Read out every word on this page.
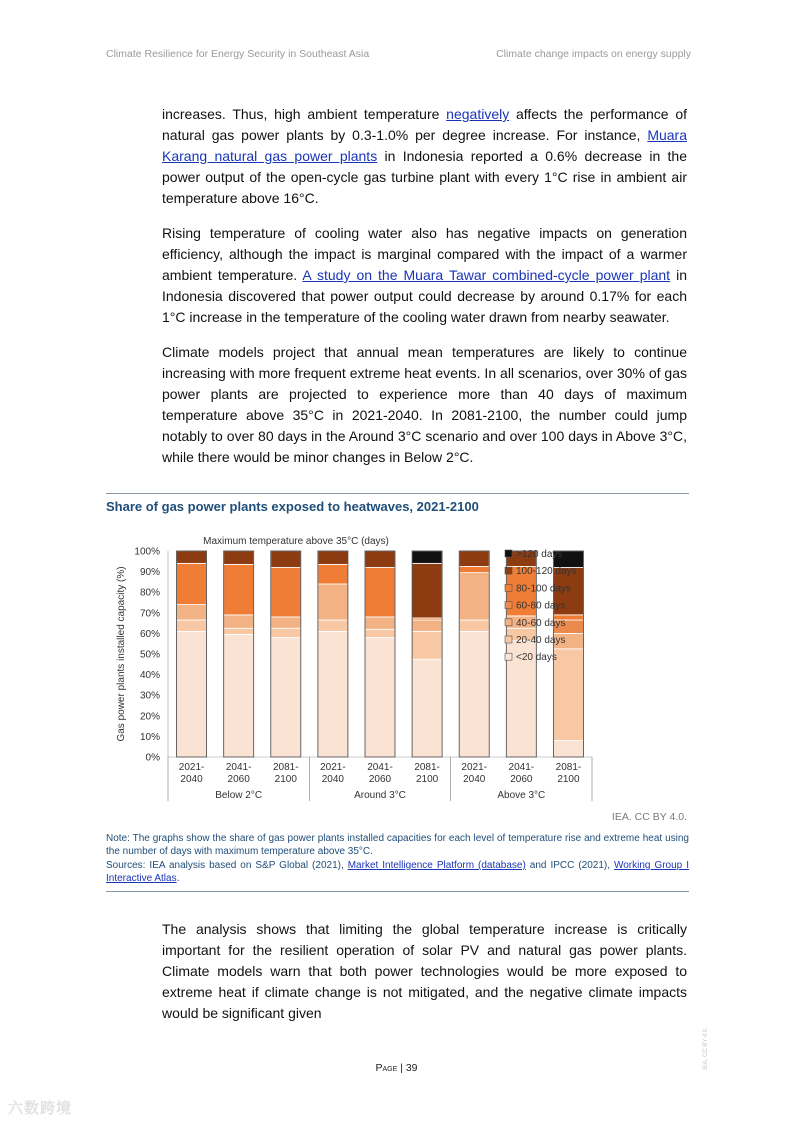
Climate Resilience for Energy Security in Southeast Asia	Climate change impacts on energy supply

increases. Thus, high ambient temperature negatively affects the performance of natural gas power plants by 0.3-1.0% per degree increase. For instance, Muara Karang natural gas power plants in Indonesia reported a 0.6% decrease in the power output of the open-cycle gas turbine plant with every 1°C rise in ambient air temperature above 16°C.

Rising temperature of cooling water also has negative impacts on generation efficiency, although the impact is marginal compared with the impact of a warmer ambient temperature. A study on the Muara Tawar combined-cycle power plant in Indonesia discovered that power output could decrease by around 0.17% for each 1°C increase in the temperature of the cooling water drawn from nearby seawater.

Climate models project that annual mean temperatures are likely to continue increasing with more frequent extreme heat events. In all scenarios, over 30% of gas power plants are projected to experience more than 40 days of maximum temperature above 35°C in 2021-2040. In 2081-2100, the number could jump notably to over 80 days in the Around 3°C scenario and over 100 days in Above 3°C, while there would be minor changes in Below 2°C.

Share of gas power plants exposed to heatwaves, 2021-2100
Maximum temperature above 35°C (days)
0%
10%
20%
30%
40%
50%
60%
70%
80%
90%
100%
Gas power plants installed capacity (%)
2021-
2040
2041-
2060
2081-
2100
2021-
2040
2041-
2060
2081-
2100
2021-
2040
2041-
2060
2081-
2100
Below 2°C	Around 3°C	Above 3°C
>120 days
100-120 days
80-100 days
60-80 days
40-60 days
20-40 days
<20 days
IEA. CC BY 4.0.
Note: The graphs show the share of gas power plants installed capacities for each level of temperature rise and extreme heat using the number of days with maximum temperature above 35°C.
Sources: IEA analysis based on S&P Global (2021), Market Intelligence Platform (database) and IPCC (2021), Working Group I Interactive Atlas.

The analysis shows that limiting the global temperature increase is critically important for the resilient operation of solar PV and natural gas power plants. Climate models warn that both power technologies would be more exposed to extreme heat if climate change is not mitigated, and the negative climate impacts would be significant given

Page | 39	IEA. CC BY 4.0.
六数跨境
